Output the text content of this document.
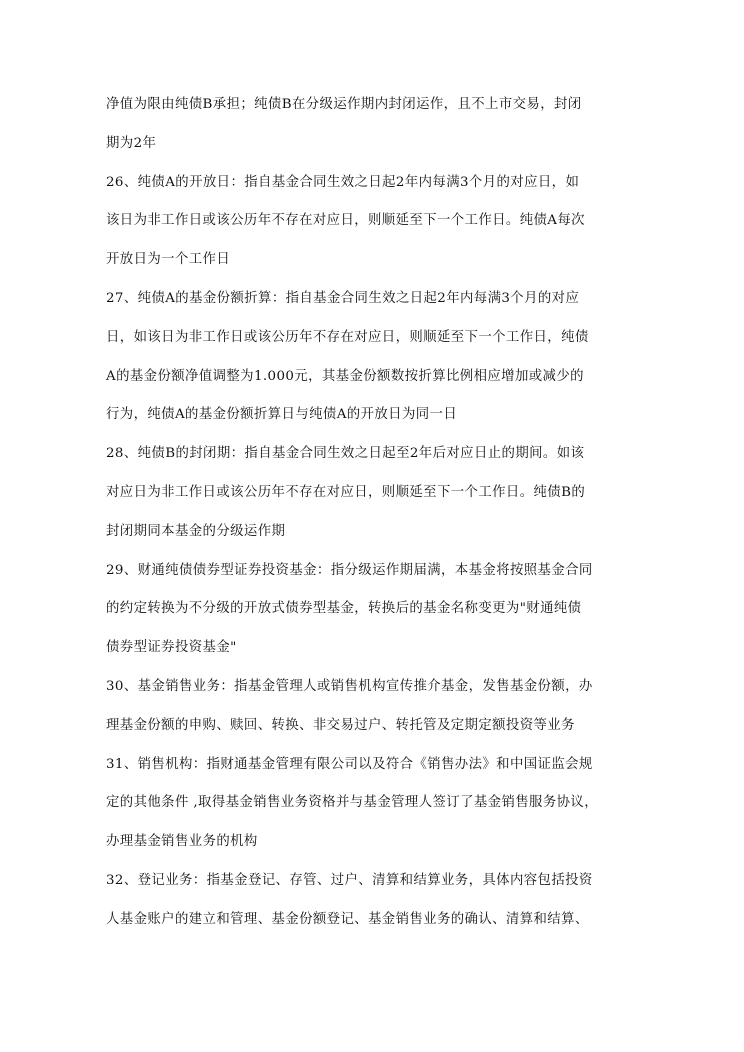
净值为限由纯债B承担；纯债B在分级运作期内封闭运作，且不上市交易，封闭
期为2年
26、纯债A的开放日：指自基金合同生效之日起2年内每满3个月的对应日，如
该日为非工作日或该公历年不存在对应日，则顺延至下一个工作日。纯债A每次
开放日为一个工作日
27、纯债A的基金份额折算：指自基金合同生效之日起2年内每满3个月的对应
日，如该日为非工作日或该公历年不存在对应日，则顺延至下一个工作日，纯债
A的基金份额净值调整为1.000元，其基金份额数按折算比例相应增加或减少的
行为，纯债A的基金份额折算日与纯债A的开放日为同一日
28、纯债B的封闭期：指自基金合同生效之日起至2年后对应日止的期间。如该
对应日为非工作日或该公历年不存在对应日，则顺延至下一个工作日。纯债B的
封闭期同本基金的分级运作期
29、财通纯债债券型证券投资基金：指分级运作期届满，本基金将按照基金合同
的约定转换为不分级的开放式债券型基金，转换后的基金名称变更为"财通纯债
债券型证券投资基金"
30、基金销售业务：指基金管理人或销售机构宣传推介基金，发售基金份额，办
理基金份额的申购、赎回、转换、非交易过户、转托管及定期定额投资等业务
31、销售机构：指财通基金管理有限公司以及符合《销售办法》和中国证监会规
定的其他条件 ,取得基金销售业务资格并与基金管理人签订了基金销售服务协议，
办理基金销售业务的机构
32、登记业务：指基金登记、存管、过户、清算和结算业务，具体内容包括投资
人基金账户的建立和管理、基金份额登记、基金销售业务的确认、清算和结算、
